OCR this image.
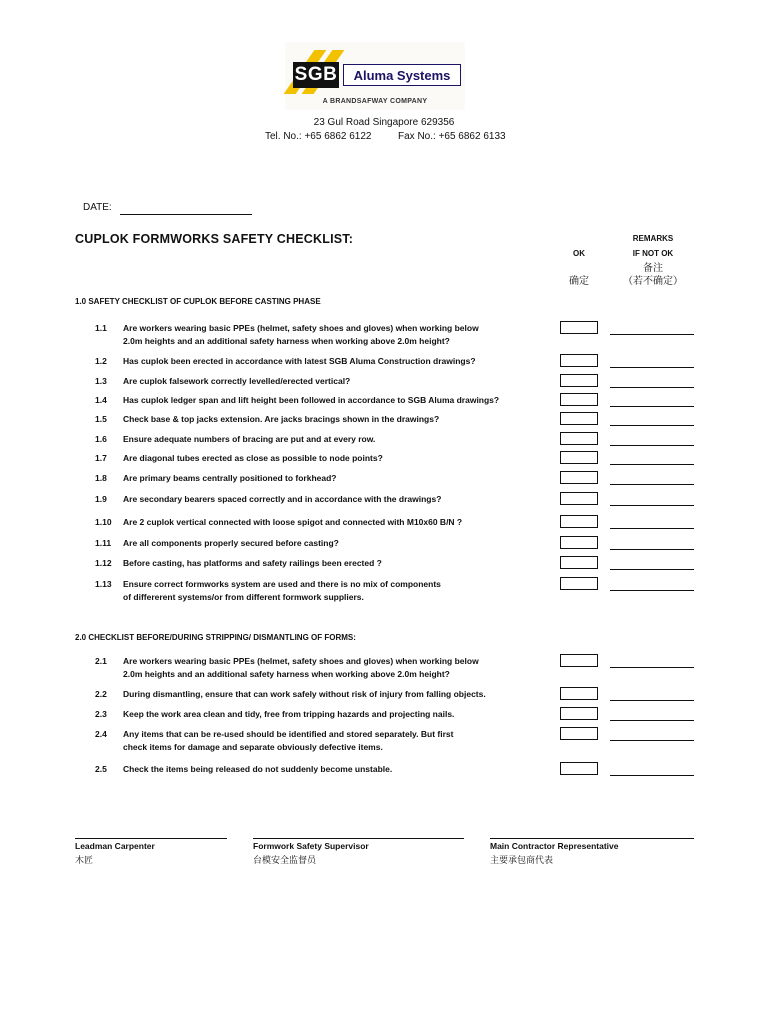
SGB	Aluma Systems
A BRANDSAFWAY COMPANY
23 Gul Road Singapore 629356
Tel. No.: +65 6862 6122	Fax No.: +65 6862 6133
DATE:
CUPLOK FORMWORKS SAFETY CHECKLIST:
OK
确定
REMARKS
IF NOT OK
备注
（若不确定）
1.0 SAFETY CHECKLIST OF CUPLOK BEFORE CASTING PHASE
1.1 Are workers wearing basic PPEs (helmet, safety shoes and gloves) when working below
2.0m heights and an additional safety harness when working above 2.0m height?
1.2 Has cuplok been erected in accordance with latest SGB Aluma Construction drawings?
1.3 Are cuplok falsework correctly levelled/erected vertical?
1.4 Has cuplok ledger span and lift height been followed in accordance to SGB Aluma drawings?
1.5 Check base & top jacks extension. Are jacks bracings shown in the drawings?
1.6 Ensure adequate numbers of bracing are put and at every row.
1.7 Are diagonal tubes erected as close as possible to node points?
1.8 Are primary beams centrally positioned to forkhead?
1.9 Are secondary bearers spaced correctly and in accordance with the drawings?
1.10 Are 2 cuplok vertical connected with loose spigot and connected with M10x60 B/N ?
1.11 Are all components properly secured before casting?
1.12 Before casting, has platforms and safety railings been erected ?
1.13 Ensure correct formworks system are used and there is no mix of components
of differerent systems/or from different formwork suppliers.
2.0 CHECKLIST BEFORE/DURING STRIPPING/ DISMANTLING OF FORMS:
2.1 Are workers wearing basic PPEs (helmet, safety shoes and gloves) when working below
2.0m heights and an additional safety harness when working above 2.0m height?
2.2 During dismantling, ensure that can work safely without risk of injury from falling objects.
2.3 Keep the work area clean and tidy, free from tripping hazards and projecting nails.
2.4 Any items that can be re-used should be identified and stored separately. But first
check items for damage and separate obviously defective items.
2.5 Check the items being released do not suddenly become unstable.
Leadman Carpenter
木匠
Formwork Safety Supervisor
台模安全监督员
Main Contractor Representative
主要承包商代表
